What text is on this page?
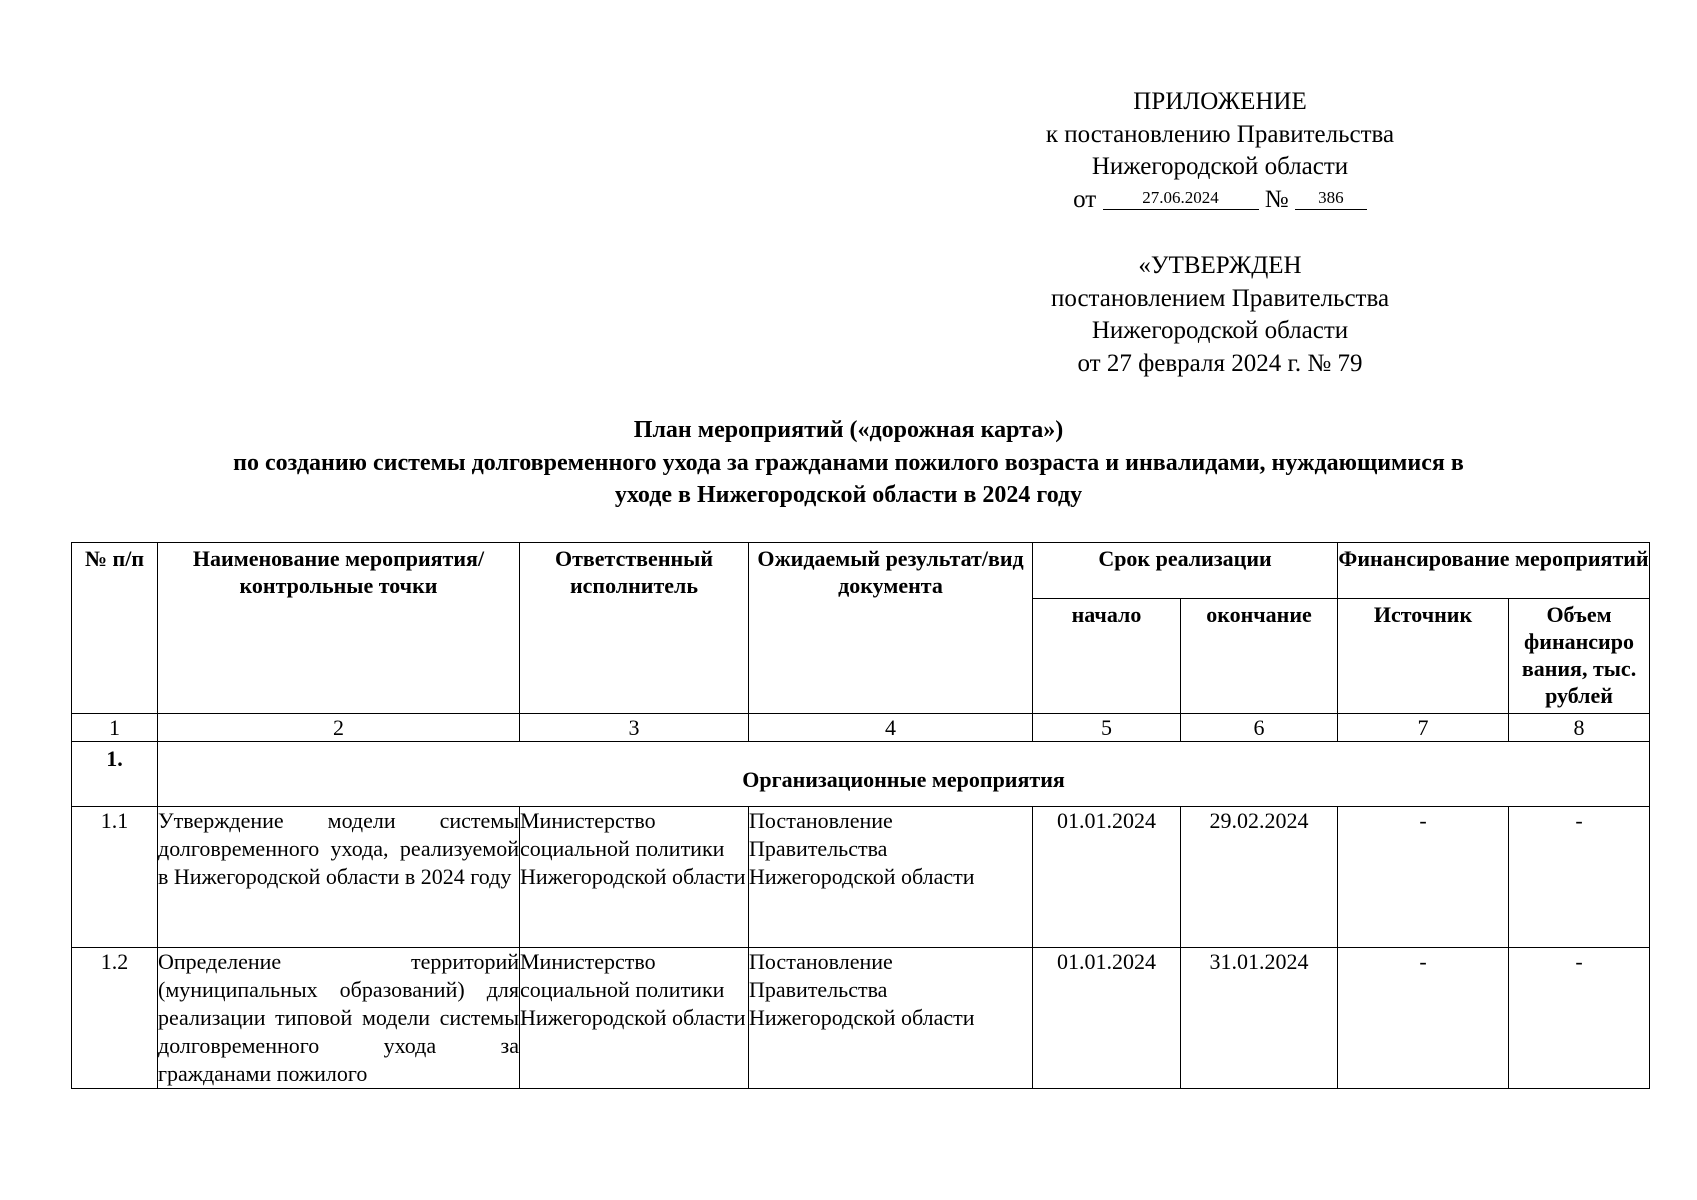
ПРИЛОЖЕНИЕ
к постановлению Правительства
Нижегородской области
от	27.06.2024 № 386
«УТВЕРЖДЕН
постановлением Правительства
Нижегородской области
от 27 февраля 2024 г. № 79
План мероприятий («дорожная карта»)
по созданию системы долговременного ухода за гражданами пожилого возраста и инвалидами, нуждающимися в
уходе в Нижегородской области в 2024 году
№ п/п	Наименование мероприятия/ контрольные точки	Ответственный исполнитель	Ожидаемый результат/вид документа	Срок реализации		Финансирование мероприятий	
				начало	окончание	Источник	Объем финансиро вания, тыс. рублей
1	2	3	4	5	6	7	8
1.	Организационные мероприятия						
1.1	Утверждение модели системы долговременного ухода, реализуемой в Нижегородской области в 2024 году	Министерство социальной политики Нижегородской области	Постановление Правительства Нижегородской области	01.01.2024	29.02.2024	-	-
1.2	Определение территорий (муниципальных образований) для реализации типовой модели системы долговременного ухода за гражданами пожилого	Министерство социальной политики Нижегородской области	Постановление Правительства Нижегородской области	01.01.2024	31.01.2024	-	-
